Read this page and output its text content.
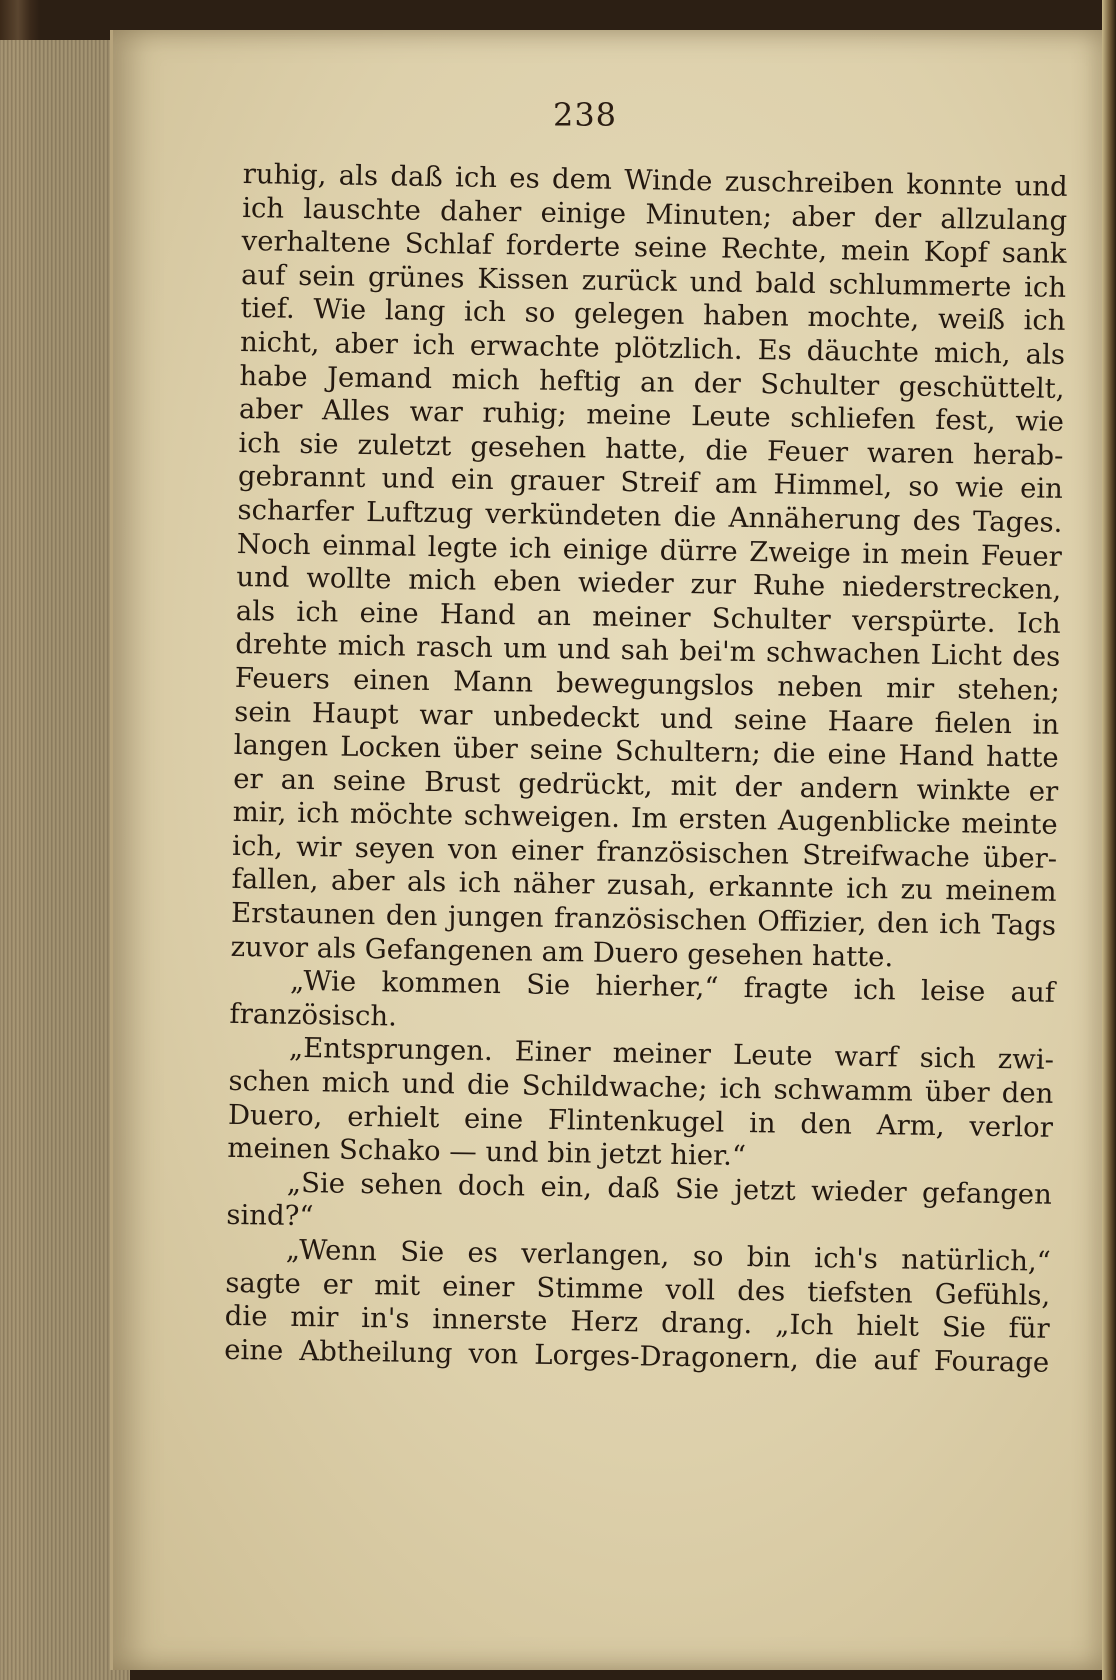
238
ruhig, als daß ich es dem Winde zuschreiben konnte und
ich lauschte daher einige Minuten; aber der allzulang
verhaltene Schlaf forderte seine Rechte, mein Kopf sank
auf sein grünes Kissen zurück und bald schlummerte ich
tief. Wie lang ich so gelegen haben mochte, weiß ich
nicht, aber ich erwachte plötzlich. Es däuchte mich, als
habe Jemand mich heftig an der Schulter geschüttelt,
aber Alles war ruhig; meine Leute schliefen fest, wie
ich sie zuletzt gesehen hatte, die Feuer waren herab-
gebrannt und ein grauer Streif am Himmel, so wie ein
scharfer Luftzug verkündeten die Annäherung des Tages.
Noch einmal legte ich einige dürre Zweige in mein Feuer
und wollte mich eben wieder zur Ruhe niederstrecken,
als ich eine Hand an meiner Schulter verspürte. Ich
drehte mich rasch um und sah bei'm schwachen Licht des
Feuers einen Mann bewegungslos neben mir stehen;
sein Haupt war unbedeckt und seine Haare fielen in
langen Locken über seine Schultern; die eine Hand hatte
er an seine Brust gedrückt, mit der andern winkte er
mir, ich möchte schweigen. Im ersten Augenblicke meinte
ich, wir seyen von einer französischen Streifwache über-
fallen, aber als ich näher zusah, erkannte ich zu meinem
Erstaunen den jungen französischen Offizier, den ich Tags
zuvor als Gefangenen am Duero gesehen hatte.
„Wie kommen Sie hierher,“ fragte ich leise auf
französisch.
„Entsprungen. Einer meiner Leute warf sich zwi-
schen mich und die Schildwache; ich schwamm über den
Duero, erhielt eine Flintenkugel in den Arm, verlor
meinen Schako — und bin jetzt hier.“
„Sie sehen doch ein, daß Sie jetzt wieder gefangen
sind?“
„Wenn Sie es verlangen, so bin ich's natürlich,“
sagte er mit einer Stimme voll des tiefsten Gefühls,
die mir in's innerste Herz drang. „Ich hielt Sie für
eine Abtheilung von Lorges-Dragonern, die auf Fourage
